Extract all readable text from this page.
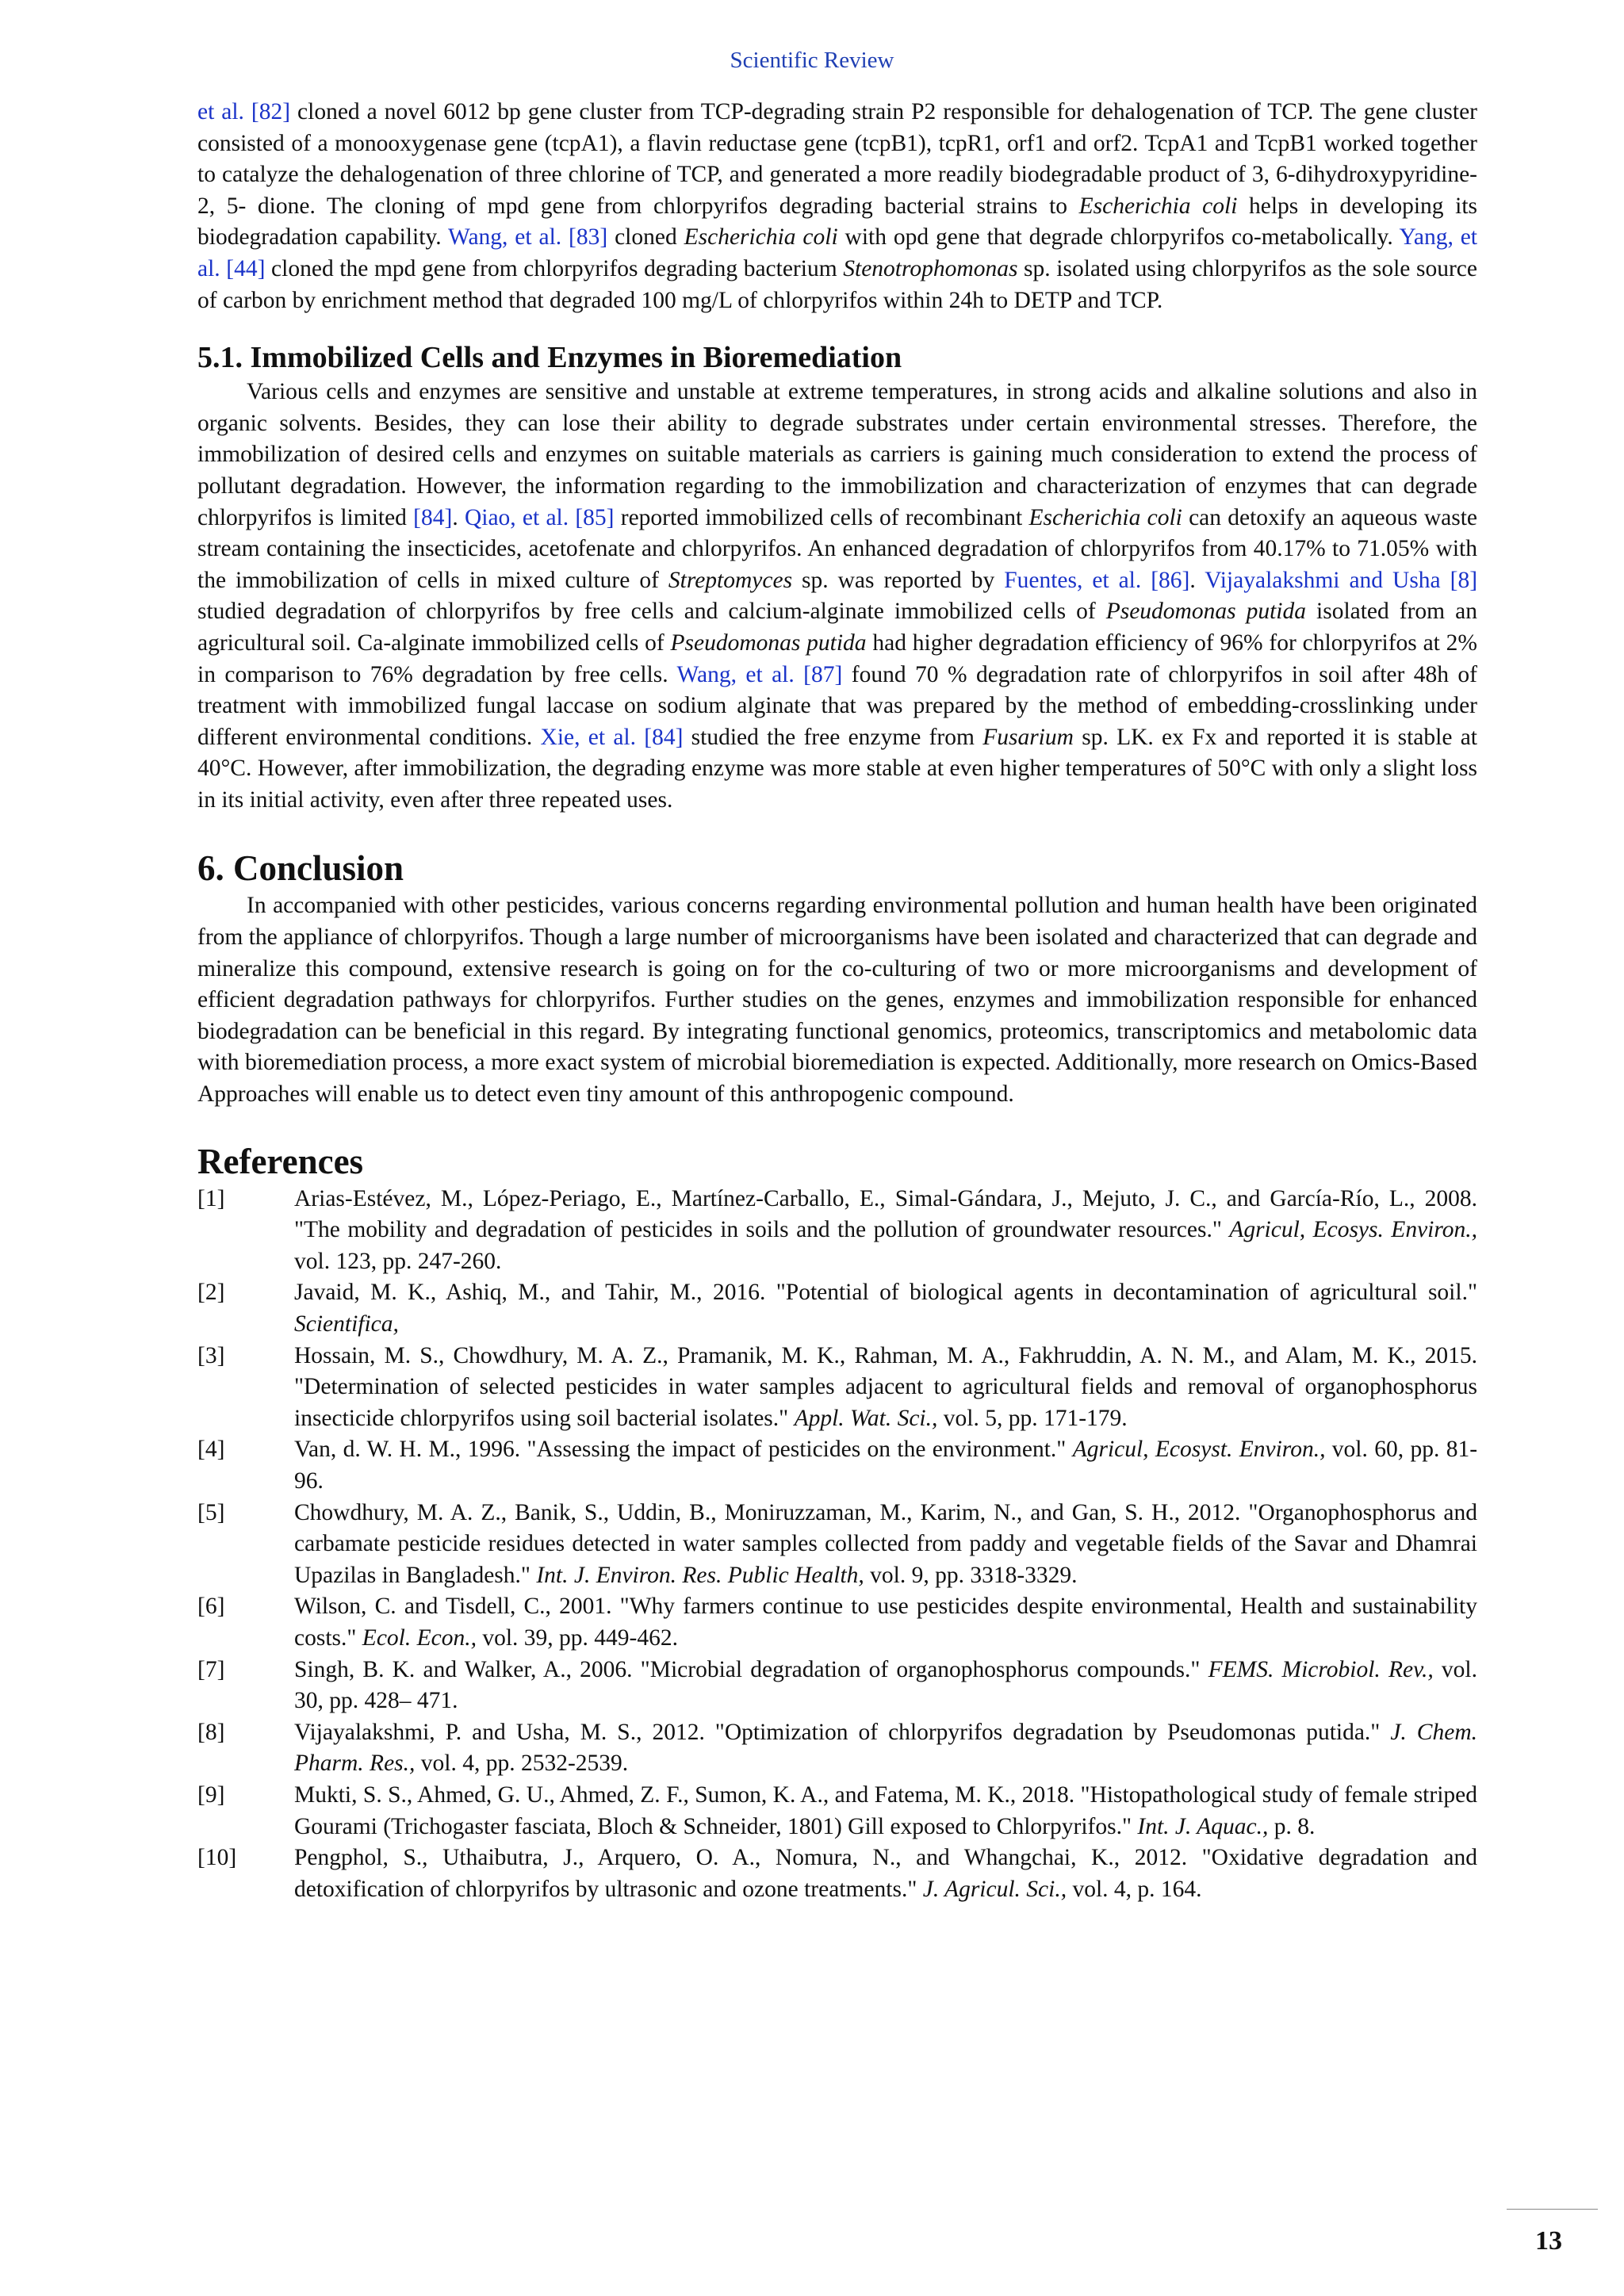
Scientific Review

et al. [82] cloned a novel 6012 bp gene cluster from TCP-degrading strain P2 responsible for dehalogenation of TCP. The gene cluster consisted of a monooxygenase gene (tcpA1), a flavin reductase gene (tcpB1), tcpR1, orf1 and orf2. TcpA1 and TcpB1 worked together to catalyze the dehalogenation of three chlorine of TCP, and generated a more readily biodegradable product of 3, 6-dihydroxypyridine-2, 5- dione. The cloning of mpd gene from chlorpyrifos degrading bacterial strains to Escherichia coli helps in developing its biodegradation capability. Wang, et al. [83] cloned Escherichia coli with opd gene that degrade chlorpyrifos co-metabolically. Yang, et al. [44] cloned the mpd gene from chlorpyrifos degrading bacterium Stenotrophomonas sp. isolated using chlorpyrifos as the sole source of carbon by enrichment method that degraded 100 mg/L of chlorpyrifos within 24h to DETP and TCP.

5.1. Immobilized Cells and Enzymes in Bioremediation

Various cells and enzymes are sensitive and unstable at extreme temperatures, in strong acids and alkaline solutions and also in organic solvents. Besides, they can lose their ability to degrade substrates under certain environmental stresses. Therefore, the immobilization of desired cells and enzymes on suitable materials as carriers is gaining much consideration to extend the process of pollutant degradation. However, the information regarding to the immobilization and characterization of enzymes that can degrade chlorpyrifos is limited [84]. Qiao, et al. [85] reported immobilized cells of recombinant Escherichia coli can detoxify an aqueous waste stream containing the insecticides, acetofenate and chlorpyrifos. An enhanced degradation of chlorpyrifos from 40.17% to 71.05% with the immobilization of cells in mixed culture of Streptomyces sp. was reported by Fuentes, et al. [86]. Vijayalakshmi and Usha [8] studied degradation of chlorpyrifos by free cells and calcium-alginate immobilized cells of Pseudomonas putida isolated from an agricultural soil. Ca-alginate immobilized cells of Pseudomonas putida had higher degradation efficiency of 96% for chlorpyrifos at 2% in comparison to 76% degradation by free cells. Wang, et al. [87] found 70 % degradation rate of chlorpyrifos in soil after 48h of treatment with immobilized fungal laccase on sodium alginate that was prepared by the method of embedding-crosslinking under different environmental conditions. Xie, et al. [84] studied the free enzyme from Fusarium sp. LK. ex Fx and reported it is stable at 40°C. However, after immobilization, the degrading enzyme was more stable at even higher temperatures of 50°C with only a slight loss in its initial activity, even after three repeated uses.

6. Conclusion

In accompanied with other pesticides, various concerns regarding environmental pollution and human health have been originated from the appliance of chlorpyrifos. Though a large number of microorganisms have been isolated and characterized that can degrade and mineralize this compound, extensive research is going on for the co-culturing of two or more microorganisms and development of efficient degradation pathways for chlorpyrifos. Further studies on the genes, enzymes and immobilization responsible for enhanced biodegradation can be beneficial in this regard. By integrating functional genomics, proteomics, transcriptomics and metabolomic data with bioremediation process, a more exact system of microbial bioremediation is expected. Additionally, more research on Omics-Based Approaches will enable us to detect even tiny amount of this anthropogenic compound.

References
[1]	Arias-Estévez, M., López-Periago, E., Martínez-Carballo, E., Simal-Gándara, J., Mejuto, J. C., and García-Río, L., 2008. "The mobility and degradation of pesticides in soils and the pollution of groundwater resources." Agricul, Ecosys. Environ., vol. 123, pp. 247-260.
[2]	Javaid, M. K., Ashiq, M., and Tahir, M., 2016. "Potential of biological agents in decontamination of agricultural soil." Scientifica,
[3]	Hossain, M. S., Chowdhury, M. A. Z., Pramanik, M. K., Rahman, M. A., Fakhruddin, A. N. M., and Alam, M. K., 2015. "Determination of selected pesticides in water samples adjacent to agricultural fields and removal of organophosphorus insecticide chlorpyrifos using soil bacterial isolates." Appl. Wat. Sci., vol. 5, pp. 171-179.
[4]	Van, d. W. H. M., 1996. "Assessing the impact of pesticides on the environment." Agricul, Ecosyst. Environ., vol. 60, pp. 81-96.
[5]	Chowdhury, M. A. Z., Banik, S., Uddin, B., Moniruzzaman, M., Karim, N., and Gan, S. H., 2012. "Organophosphorus and carbamate pesticide residues detected in water samples collected from paddy and vegetable fields of the Savar and Dhamrai Upazilas in Bangladesh." Int. J. Environ. Res. Public Health, vol. 9, pp. 3318-3329.
[6]	Wilson, C. and Tisdell, C., 2001. "Why farmers continue to use pesticides despite environmental, Health and sustainability costs." Ecol. Econ., vol. 39, pp. 449-462.
[7]	Singh, B. K. and Walker, A., 2006. "Microbial degradation of organophosphorus compounds." FEMS. Microbiol. Rev., vol. 30, pp. 428– 471.
[8]	Vijayalakshmi, P. and Usha, M. S., 2012. "Optimization of chlorpyrifos degradation by Pseudomonas putida." J. Chem. Pharm. Res., vol. 4, pp. 2532-2539.
[9]	Mukti, S. S., Ahmed, G. U., Ahmed, Z. F., Sumon, K. A., and Fatema, M. K., 2018. "Histopathological study of female striped Gourami (Trichogaster fasciata, Bloch & Schneider, 1801) Gill exposed to Chlorpyrifos." Int. J. Aquac., p. 8.
[10]	Pengphol, S., Uthaibutra, J., Arquero, O. A., Nomura, N., and Whangchai, K., 2012. "Oxidative degradation and detoxification of chlorpyrifos by ultrasonic and ozone treatments." J. Agricul. Sci., vol. 4, p. 164.
13
